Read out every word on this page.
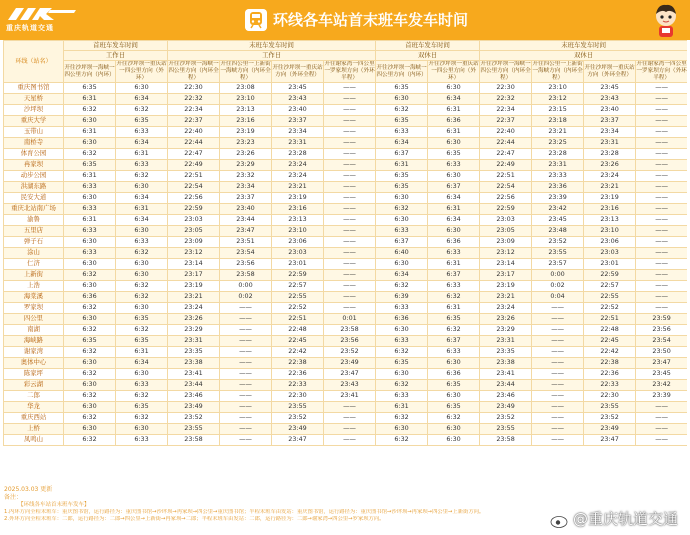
重庆轨道交通	环线各车站首末班车发车时间
环线（站名）	首班车发车时间		末班车发车时间				首班车发车时间		末班车发车时间			
	工作日		工作日				双休日		双休日			
	开往沙坪坝一海峡一四公里方向（内环）	开往沙坪坝一重庆站一四公里方向（外环）	开往沙坪坝一海峡一四公里方向（内环全程）	开往四公里一上新街一海峡方向（内环全程）	开往沙坪坝一重庆站方向（外环全程）	开往谢家湾一四公里一罗家坝方向（外环半程）	开往沙坪坝一海峡一四公里方向（内环）	开往沙坪坝一重庆站一四公里方向（外环）	开往沙坪坝一海峡一四公里方向（内环全程）	开往四公里一上新街一海峡方向（内环全程）	开往沙坪坝一重庆站方向（外环全程）	开往谢家湾一四公里一罗家坝方向（外环半程）
重庆图书馆	6:35	6:30	22:30	23:08	23:45	——	6:35	6:30	22:30	23:10	23:45	——
天星桥	6:31	6:34	22:32	23:10	23:43	——	6:30	6:34	22:32	23:12	23:43	——
沙坪坝	6:32	6:32	22:34	23:13	23:40	——	6:32	6:31	22:34	23:15	23:40	——
重庆大学	6:30	6:35	22:37	23:16	23:37	——	6:35	6:36	22:37	23:18	23:37	——
玉带山	6:31	6:33	22:40	23:19	23:34	——	6:33	6:31	22:40	23:21	23:34	——
南桥寺	6:30	6:34	22:44	23:23	23:31	——	6:34	6:30	22:44	23:25	23:31	——
体育公园	6:32	6:31	22:47	23:26	23:28	——	6:37	6:35	22:47	23:28	23:28	——
冉家坝	6:35	6:33	22:49	23:29	23:24	——	6:31	6:33	22:49	23:31	23:26	——
动步公园	6:31	6:32	22:51	23:32	23:24	——	6:35	6:30	22:51	23:33	23:24	——
洪湖东路	6:33	6:30	22:54	23:34	23:21	——	6:35	6:37	22:54	23:36	23:21	——
民安大道	6:30	6:34	22:56	23:37	23:19	——	6:30	6:34	22:56	23:39	23:19	——
重庆北站南广场	6:33	6:31	22:59	23:40	23:16	——	6:32	6:31	22:59	23:42	23:16	——
渝鲁	6:31	6:34	23:03	23:44	23:13	——	6:30	6:34	23:03	23:45	23:13	——
五里店	6:33	6:30	23:05	23:47	23:10	——	6:33	6:30	23:05	23:48	23:10	——
弹子石	6:30	6:33	23:09	23:51	23:06	——	6:37	6:36	23:09	23:52	23:06	——
涂山	6:33	6:32	23:12	23:54	23:03	——	6:40	6:33	23:12	23:55	23:03	——
仁济	6:30	6:30	23:14	23:56	23:01	——	6:30	6:31	23:14	23:57	23:01	——
上新街	6:32	6:30	23:17	23:58	22:59	——	6:34	6:37	23:17	0:00	22:59	——
上浩	6:30	6:32	23:19	0:00	22:57	——	6:32	6:33	23:19	0:02	22:57	——
海棠溪	6:36	6:32	23:21	0:02	22:55	——	6:39	6:32	23:21	0:04	22:55	——
罗家坝	6:32	6:30	23:24	——	22:52	——	6:33	6:31	23:24	——	22:52	——
四公里	6:30	6:35	23:26	——	22:51	0:01	6:36	6:35	23:26	——	22:51	23:59
南湖	6:32	6:32	23:29	——	22:48	23:58	6:30	6:32	23:29	——	22:48	23:56
海峡路	6:35	6:35	23:31	——	22:45	23:56	6:33	6:37	23:31	——	22:45	23:54
谢家湾	6:32	6:31	23:35	——	22:42	23:52	6:32	6:33	23:35	——	22:42	23:50
奥体中心	6:30	6:34	23:38	——	22:38	23:49	6:35	6:30	23:38	——	22:38	23:47
陈家坪	6:32	6:30	23:41	——	22:36	23:47	6:30	6:36	23:41	——	22:36	23:45
彩云湖	6:30	6:33	23:44	——	22:33	23:43	6:32	6:35	23:44	——	22:33	23:42
二郎	6:32	6:32	23:46	——	22:30	23:41	6:33	6:30	23:46	——	22:30	23:39
华龙	6:30	6:35	23:49	——	23:55	——	6:31	6:35	23:49	——	23:55	——
重庆西站	6:32	6:32	23:52	——	23:52	——	6:32	6:32	23:52	——	23:52	——
上桥	6:30	6:30	23:55	——	23:49	——	6:30	6:30	23:55	——	23:49	——
凤鸣山	6:32	6:33	23:58	——	23:47	——	6:32	6:30	23:58	——	23:47	——
2025.03.03 更新
备注：
【环线各车站首末班车发车】
1.内环方向全程末班车：重庆图书馆，运行路径为：重庆图书馆→沙坪坝→冉家坝→四公里→重庆图书馆；半程末班车由发站：重庆图书馆，运行路径为：重庆图书馆→沙坪坝→冉家坝→四公里→上新街方向。
2.外环方向全程末班车：二郎，运行路径为：二郎→四公里→上新街→冉家坝→二郎；半程末班车由发站：二郎，运行路径为：二郎→谢家湾→四公里→罗家坝方向。	@重庆轨道交通
